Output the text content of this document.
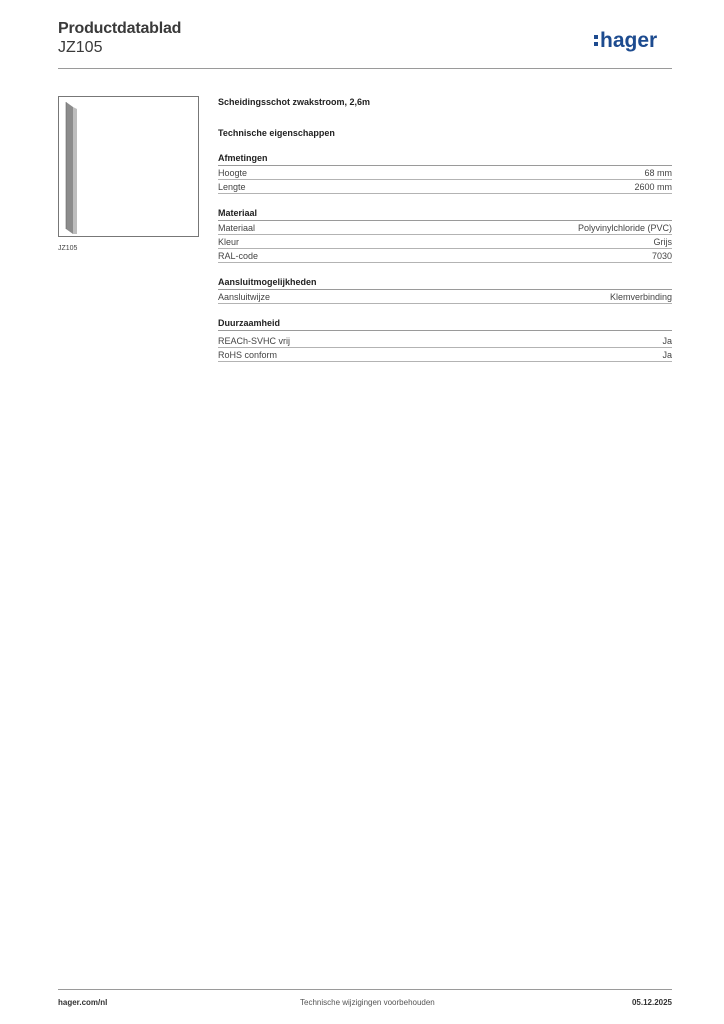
Productdatablad
JZ105	hager
JZ105
Scheidingsschot zwakstroom, 2,6m
Technische eigenschappen
Afmetingen
Hoogte	68 mm
Lengte	2600 mm
Materiaal
Materiaal	Polyvinylchloride (PVC)
Kleur	Grijs
RAL-code	7030
Aansluitmogelijkheden
Aansluitwijze	Klemverbinding
Duurzaamheid
REACh-SVHC vrij	Ja
RoHS conform	Ja
hager.com/nl	Technische wijzigingen voorbehouden	05.12.2025
